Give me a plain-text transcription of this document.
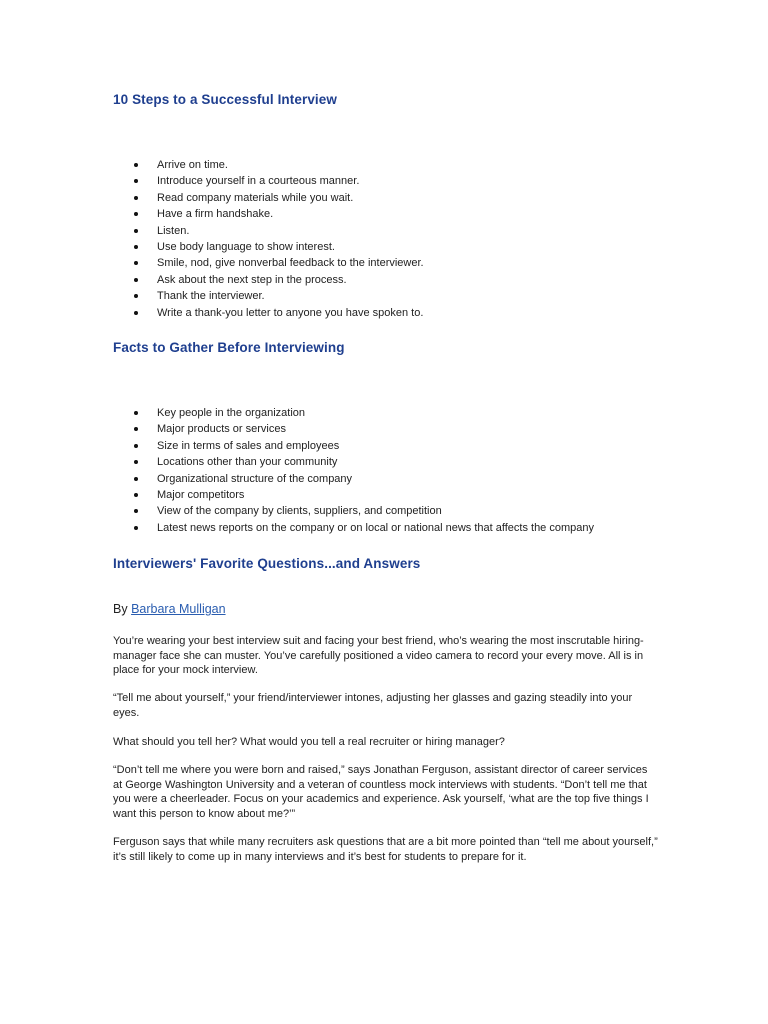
10 Steps to a Successful Interview
Arrive on time.
Introduce yourself in a courteous manner.
Read company materials while you wait.
Have a firm handshake.
Listen.
Use body language to show interest.
Smile, nod, give nonverbal feedback to the interviewer.
Ask about the next step in the process.
Thank the interviewer.
Write a thank-you letter to anyone you have spoken to.
Facts to Gather Before Interviewing
Key people in the organization
Major products or services
Size in terms of sales and employees
Locations other than your community
Organizational structure of the company
Major competitors
View of the company by clients, suppliers, and competition
Latest news reports on the company or on local or national news that affects the company
Interviewers' Favorite Questions...and Answers
By Barbara Mulligan

You’re wearing your best interview suit and facing your best friend, who’s wearing the most inscrutable hiring-manager face she can muster. You’ve carefully positioned a video camera to record your every move. All is in place for your mock interview.

“Tell me about yourself,” your friend/interviewer intones, adjusting her glasses and gazing steadily into your eyes.

What should you tell her? What would you tell a real recruiter or hiring manager?

“Don’t tell me where you were born and raised,” says Jonathan Ferguson, assistant director of career services at George Washington University and a veteran of countless mock interviews with students. “Don’t tell me that you were a cheerleader. Focus on your academics and experience. Ask yourself, ‘what are the top five things I want this person to know about me?’”

Ferguson says that while many recruiters ask questions that are a bit more pointed than “tell me about yourself,” it’s still likely to come up in many interviews and it’s best for students to prepare for it.
